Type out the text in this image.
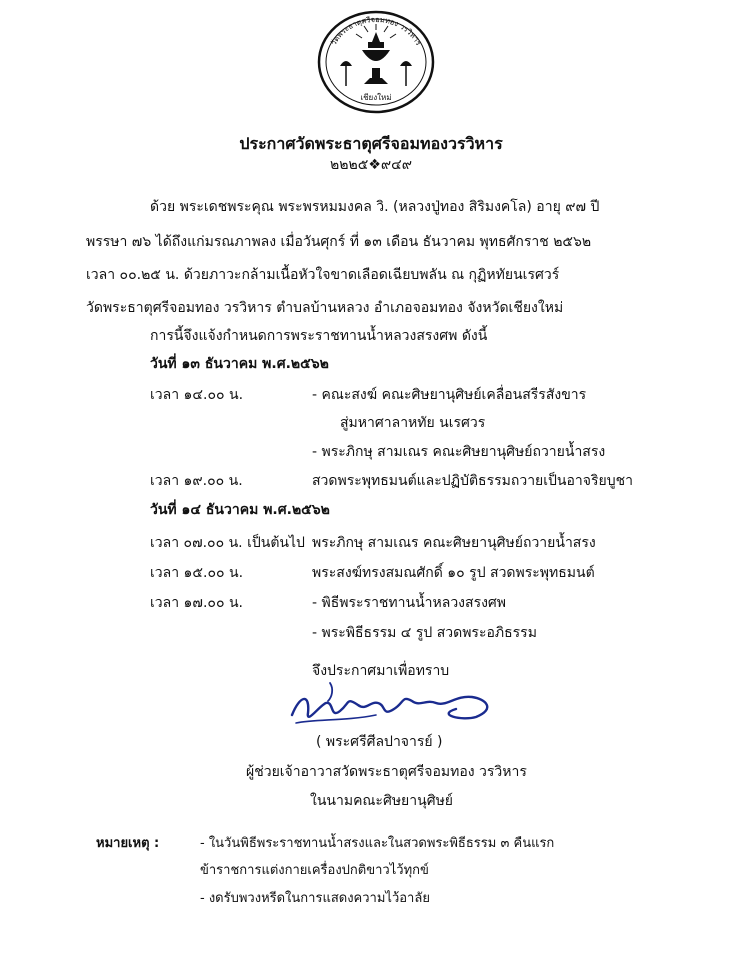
วัดพระธาตุศรีจอมทอง วรวิหาร
เชียงใหม่
ประกาศวัดพระธาตุศรีจอมทองวรวิหาร
๒๒๒๕❖๙๔๙
ด้วย พระเดชพระคุณ พระพรหมมงคล วิ. (หลวงปู่ทอง สิริมงคโล) อายุ ๙๗ ปี
พรรษา ๗๖ ได้ถึงแก่มรณภาพลง เมื่อวันศุกร์ ที่ ๑๓ เดือน ธันวาคม พุทธศักราช ๒๕๖๒
เวลา ๐๐.๒๕ น. ด้วยภาวะกล้ามเนื้อหัวใจขาดเลือดเฉียบพลัน ณ กุฏิหทัยนเรศวร์
วัดพระธาตุศรีจอมทอง วรวิหาร ตำบลบ้านหลวง อำเภอจอมทอง จังหวัดเชียงใหม่
การนี้จึงแจ้งกำหนดการพระราชทานน้ำหลวงสรงศพ ดังนี้
วันที่ ๑๓ ธันวาคม พ.ศ.๒๕๖๒
เวลา ๑๔.๐๐ น.	- คณะสงฆ์ คณะศิษยานุศิษย์เคลื่อนสรีรสังขาร
สู่มหาศาลาหทัย นเรศวร
- พระภิกษุ สามเณร คณะศิษยานุศิษย์ถวายน้ำสรง
เวลา ๑๙.๐๐ น.	สวดพระพุทธมนต์และปฏิบัติธรรมถวายเป็นอาจริยบูชา
วันที่ ๑๔ ธันวาคม พ.ศ.๒๕๖๒
เวลา ๐๗.๐๐ น. เป็นต้นไป พระภิกษุ สามเณร คณะศิษยานุศิษย์ถวายน้ำสรง
เวลา ๑๕.๐๐ น.	พระสงฆ์ทรงสมณศักดิ์ ๑๐ รูป สวดพระพุทธมนต์
เวลา ๑๗.๐๐ น.	- พิธีพระราชทานน้ำหลวงสรงศพ
- พระพิธีธรรม ๔ รูป สวดพระอภิธรรม
จึงประกาศมาเพื่อทราบ
( พระศรีศีลปาจารย์ )
ผู้ช่วยเจ้าอาวาสวัดพระธาตุศรีจอมทอง วรวิหาร
ในนามคณะศิษยานุศิษย์
หมายเหตุ :	- ในวันพิธีพระราชทานน้ำสรงและในสวดพระพิธีธรรม ๓ คืนแรก
ข้าราชการแต่งกายเครื่องปกติขาวไว้ทุกข์
- งดรับพวงหรีดในการแสดงความไว้อาลัย
